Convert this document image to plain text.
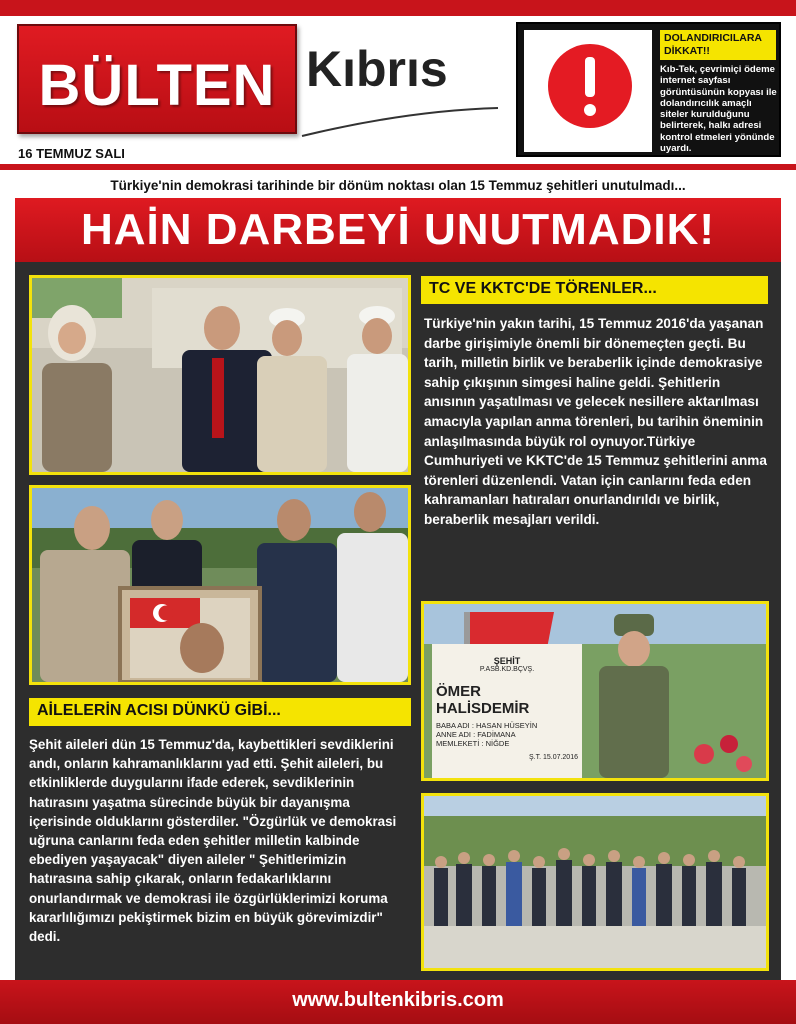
BÜLTEN Kıbrıs
16 TEMMUZ SALI
DOLANDIRICILARA DİKKAT!!
Kıb-Tek, çevrimiçi ödeme internet sayfası görüntüsünün kopyası ile dolandırıcılık amaçlı siteler kurulduğunu belirterek, halkı adresi kontrol etmeleri yönünde uyardı.
Türkiye'nin demokrasi tarihinde bir dönüm noktası olan 15 Temmuz şehitleri unutulmadı...
HAİN DARBEYİ UNUTMADIK!
TC VE KKTC'DE TÖRENLER...
Türkiye'nin yakın tarihi, 15 Temmuz 2016'da yaşanan darbe girişimiyle önemli bir dönemeçten geçti. Bu tarih, milletin birlik ve beraberlik içinde demokrasiye sahip çıkışının simgesi haline geldi. Şehitlerin anısının yaşatılması ve gelecek nesillere aktarılması amacıyla yapılan anma törenleri, bu tarihin öneminin anlaşılmasında büyük rol oynuyor.Türkiye Cumhuriyeti ve KKTC'de 15 Temmuz şehitlerini anma törenleri düzenlendi. Vatan için canlarını feda eden kahramanları hatıraları onurlandırıldı ve birlik, beraberlik mesajları verildi.
AİLELERİN ACISI DÜNKÜ GİBİ...
Şehit aileleri dün 15 Temmuz'da, kaybettikleri sevdiklerini andı, onların kahramanlıklarını yad etti. Şehit aileleri, bu etkinliklerde duygularını ifade ederek, sevdiklerinin hatırasını yaşatma sürecinde büyük bir dayanışma içerisinde olduklarını gösterdiler. "Özgürlük ve demokrasi uğruna canlarını feda eden şehitler milletin kalbinde ebediyen yaşayacak" diyen aileler " Şehitlerimizin hatırasına sahip çıkarak, onların fedakarlıklarını onurlandırmak ve demokrasi ile özgürlüklerimizi koruma kararlılığımızı pekiştirmek bizim en büyük görevimizdir" dedi.
ŞEHİT
P.ASB.KD.BÇVŞ.
ÖMER HALİSDEMİR
BABA ADI : HASAN HÜSEYİN
ANNE ADI : FADİMANA
MEMLEKETİ : NİĞDE
Ş.T. 15.07.2016
www.bultenkibris.com
